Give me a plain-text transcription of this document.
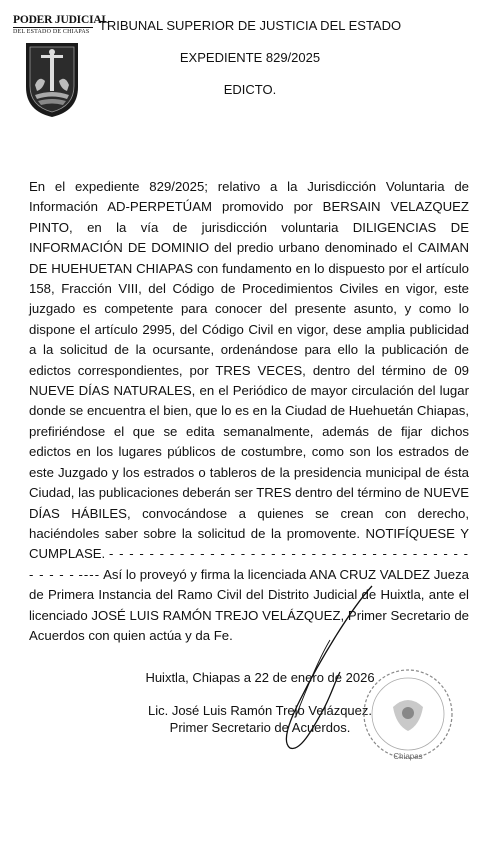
PODER JUDICIAL
DEL ESTADO DE CHIAPAS TRIBUNAL SUPERIOR DE JUSTICIA DEL ESTADO
EXPEDIENTE 829/2025
EDICTO.
En el expediente 829/2025; relativo a la Jurisdicción Voluntaria de Información AD-PERPETÚAM promovido por BERSAIN VELAZQUEZ PINTO, en la vía de jurisdicción voluntaria DILIGENCIAS DE INFORMACIÓN DE DOMINIO del predio urbano denominado el CAIMAN DE HUEHUETAN CHIAPAS con fundamento en lo dispuesto por el artículo 158, Fracción VIII, del Código de Procedimientos Civiles en vigor, este juzgado es competente para conocer del presente asunto, y como lo dispone el artículo 2995, del Código Civil en vigor, dese amplia publicidad a la solicitud de la ocursante, ordenándose para ello la publicación de edictos correspondientes, por TRES VECES, dentro del término de 09 NUEVE DÍAS NATURALES, en el Periódico de mayor circulación del lugar donde se encuentra el bien, que lo es en la Ciudad de Huehuetán Chiapas, prefiriéndose el que se edita semanalmente, además de fijar dichos edictos en los lugares públicos de costumbre, como son los estrados de este Juzgado y los estrados o tableros de la presidencia municipal de ésta Ciudad, las publicaciones deberán ser TRES dentro del término de NUEVE DÍAS HÁBILES, convocándose a quienes se crean con derecho, haciéndoles saber sobre la solicitud de la promovente. NOTIFÍQUESE Y CUMPLASE. - - - - - - - - - - - - - - - - - - - - - - - - - - - - - - - - - - - - - - - - - ---- Así lo proveyó y firma la licenciada ANA CRUZ VALDEZ Jueza de Primera Instancia del Ramo Civil del Distrito Judicial de Huixtla, ante el licenciado JOSÉ LUIS RAMÓN TREJO VELÁZQUEZ, Primer Secretario de Acuerdos con quien actúa y da Fe.
Huixtla, Chiapas a 22 de enero de 2026
Lic. José Luis Ramón Trejo Velázquez.
Primer Secretario de Acuerdos.
Chiapas
